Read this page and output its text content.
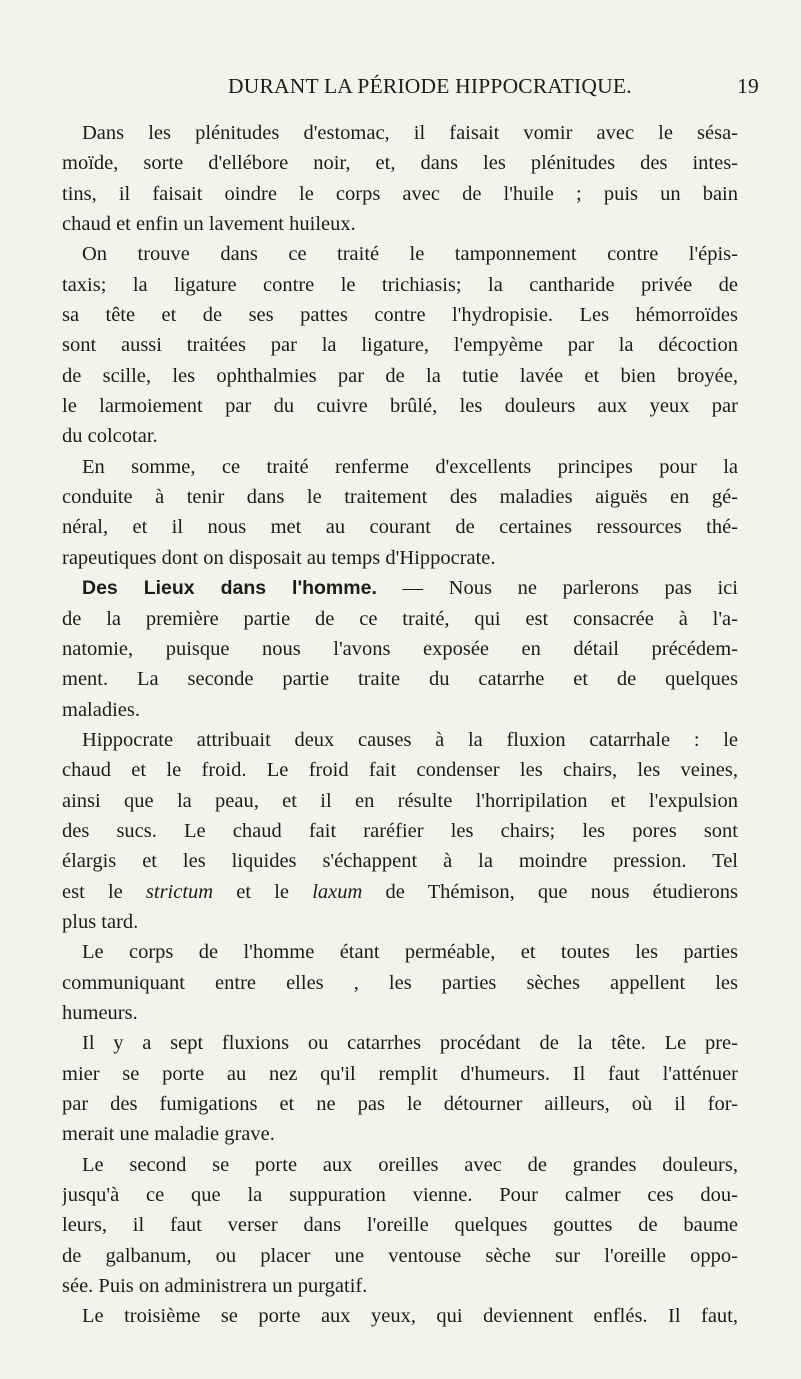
DURANT LA PÉRIODE HIPPOCRATIQUE.	19
Dans les plénitudes d'estomac, il faisait vomir avec le sésa-
moïde, sorte d'ellébore noir, et, dans les plénitudes des intes-
tins, il faisait oindre le corps avec de l'huile ; puis un bain
chaud et enfin un lavement huileux.
On trouve dans ce traité le tamponnement contre l'épis-
taxis; la ligature contre le trichiasis; la cantharide privée de
sa tête et de ses pattes contre l'hydropisie. Les hémorroïdes
sont aussi traitées par la ligature, l'empyème par la décoction
de scille, les ophthalmies par de la tutie lavée et bien broyée,
le larmoiement par du cuivre brûlé, les douleurs aux yeux par
du colcotar.
En somme, ce traité renferme d'excellents principes pour la
conduite à tenir dans le traitement des maladies aiguës en gé-
néral, et il nous met au courant de certaines ressources thé-
rapeutiques dont on disposait au temps d'Hippocrate.
Des Lieux dans l'homme. — Nous ne parlerons pas ici
de la première partie de ce traité, qui est consacrée à l'a-
natomie, puisque nous l'avons exposée en détail précédem-
ment. La seconde partie traite du catarrhe et de quelques
maladies.
Hippocrate attribuait deux causes à la fluxion catarrhale : le
chaud et le froid. Le froid fait condenser les chairs, les veines,
ainsi que la peau, et il en résulte l'horripilation et l'expulsion
des sucs. Le chaud fait raréfier les chairs; les pores sont
élargis et les liquides s'échappent à la moindre pression. Tel
est le strictum et le laxum de Thémison, que nous étudierons
plus tard.
Le corps de l'homme étant perméable, et toutes les parties
communiquant entre elles , les parties sèches appellent les
humeurs.
Il y a sept fluxions ou catarrhes procédant de la tête. Le pre-
mier se porte au nez qu'il remplit d'humeurs. Il faut l'atténuer
par des fumigations et ne pas le détourner ailleurs, où il for-
merait une maladie grave.
Le second se porte aux oreilles avec de grandes douleurs,
jusqu'à ce que la suppuration vienne. Pour calmer ces dou-
leurs, il faut verser dans l'oreille quelques gouttes de baume
de galbanum, ou placer une ventouse sèche sur l'oreille oppo-
sée. Puis on administrera un purgatif.
Le troisième se porte aux yeux, qui deviennent enflés. Il faut,
